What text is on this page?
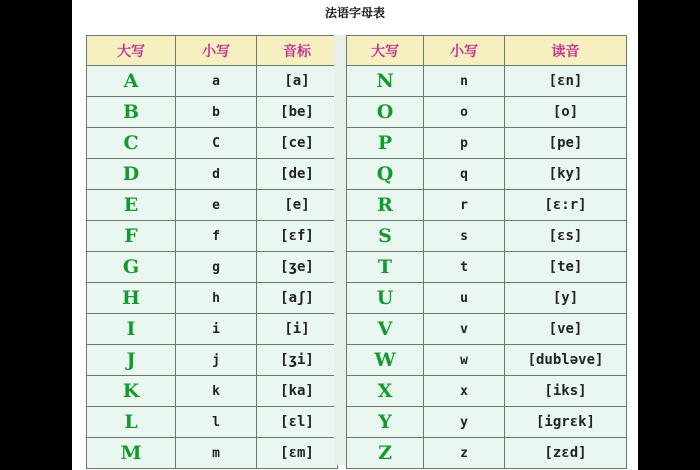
法语字母表
大写	小写	音标
A	a	[a]
B	b	[be]
C	C	[ce]
D	d	[de]
E	e	[e]
F	f	[ɛf]
G	g	[ʒe]
H	h	[aʃ]
I	i	[i]
J	j	[ʒi]
K	k	[ka]
L	l	[ɛl]
M	m	[ɛm]
大写	小写	读音
N	n	[ɛn]
O	o	[o]
P	p	[pe]
Q	q	[ky]
R	r	[ɛ:r]
S	s	[ɛs]
T	t	[te]
U	u	[y]
V	v	[ve]
W	w	[dubləve]
X	x	[iks]
Y	y	[igrɛk]
Z	z	[zɛd]
